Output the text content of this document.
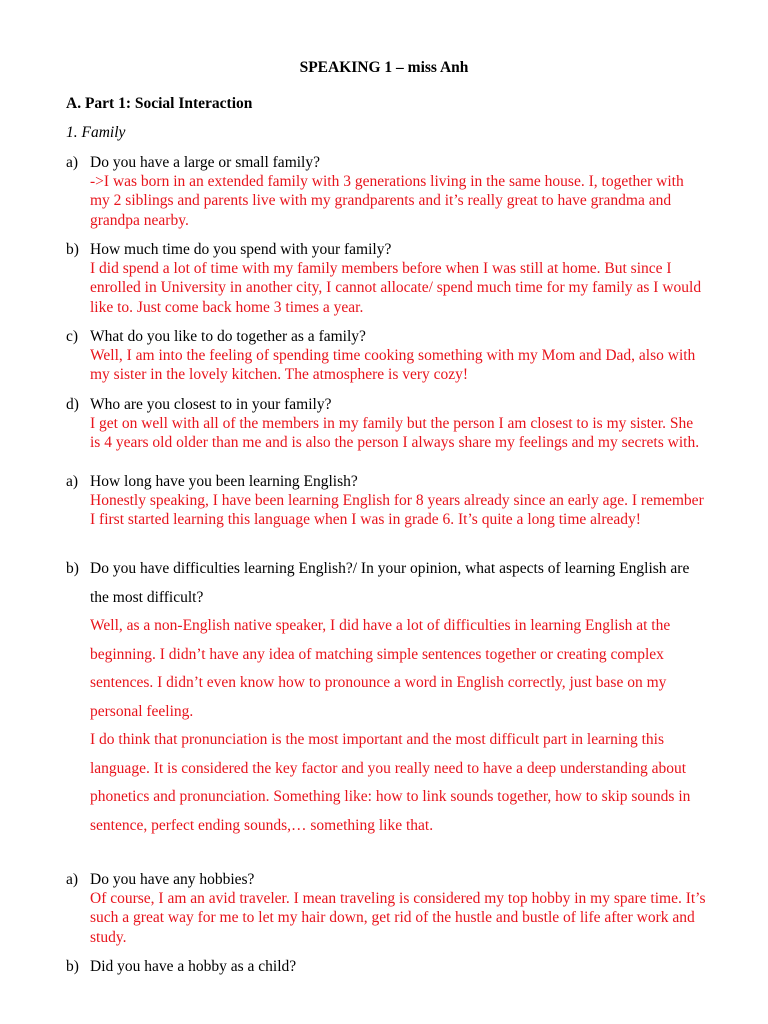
SPEAKING 1 – miss Anh
A. Part 1: Social Interaction
1. Family
a) Do you have a large or small family?
->I was born in an extended family with 3 generations living in the same house. I, together with my 2 siblings and parents live with my grandparents and it’s really great to have grandma and grandpa nearby.
b) How much time do you spend with your family?
I did spend a lot of time with my family members before when I was still at home. But since I enrolled in University in another city, I cannot allocate/ spend much time for my family as I would like to. Just come back home 3 times a year.
c) What do you like to do together as a family?
Well, I am into the feeling of spending time cooking something with my Mom and Dad, also with my sister in the lovely kitchen. The atmosphere is very cozy!
d) Who are you closest to in your family?
I get on well with all of the members in my family but the person I am closest to is my sister. She is 4 years old older than me and is also the person I always share my feelings and my secrets with.
a) How long have you been learning English?
Honestly speaking, I have been learning English for 8 years already since an early age. I remember I first started learning this language when I was in grade 6. It’s quite a long time already!
b) Do you have difficulties learning English?/ In your opinion, what aspects of learning English are the most difficult?
Well, as a non-English native speaker, I did have a lot of difficulties in learning English at the beginning. I didn’t have any idea of matching simple sentences together or creating complex sentences. I didn’t even know how to pronounce a word in English correctly, just base on my personal feeling.
I do think that pronunciation is the most important and the most difficult part in learning this language. It is considered the key factor and you really need to have a deep understanding about phonetics and pronunciation. Something like: how to link sounds together, how to skip sounds in sentence, perfect ending sounds,… something like that.
a) Do you have any hobbies?
Of course, I am an avid traveler. I mean traveling is considered my top hobby in my spare time. It’s such a great way for me to let my hair down, get rid of the hustle and bustle of life after work and study.
b) Did you have a hobby as a child?
